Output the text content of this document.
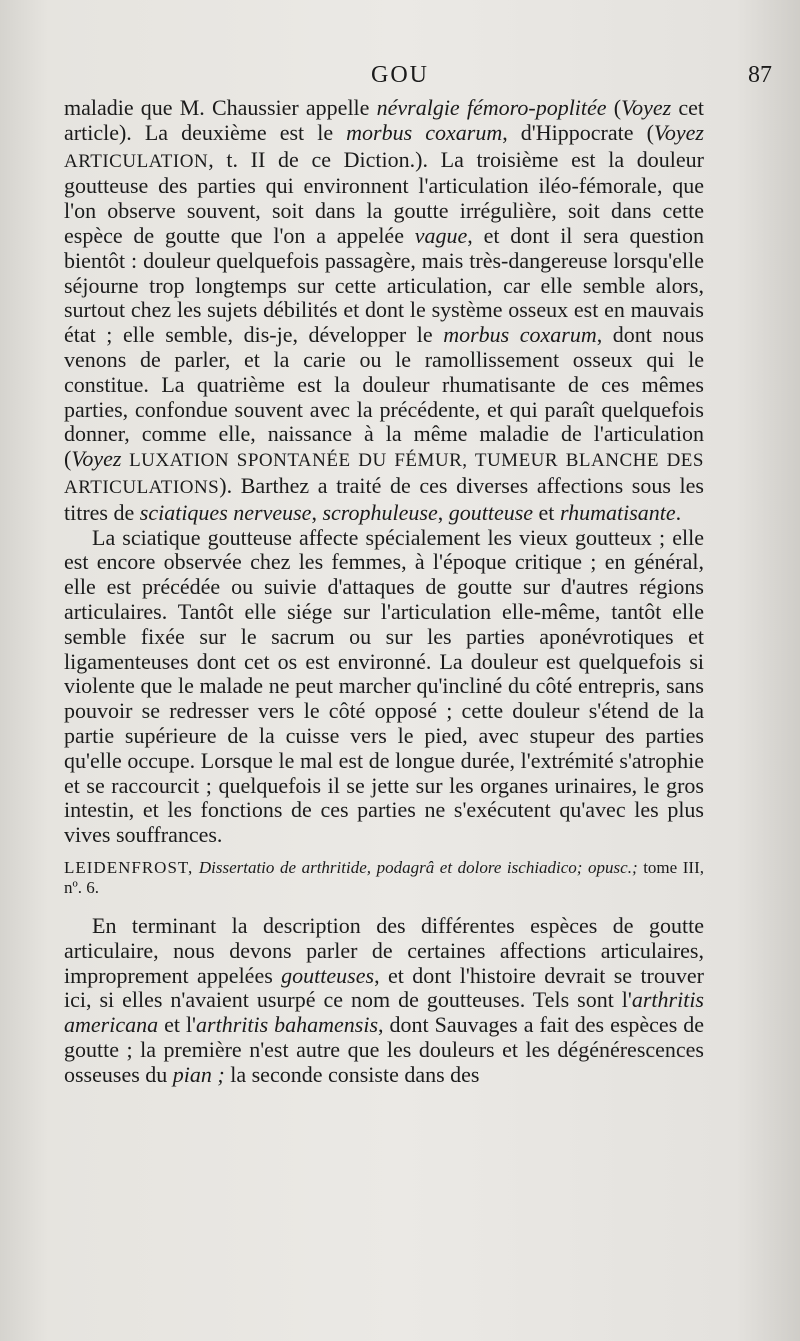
GOU	87

maladie que M. Chaussier appelle névralgie fémoro-poplitée (Voyez cet article). La deuxième est le morbus coxarum, d'Hippocrate (Voyez ARTICULATION, t. II de ce Diction.). La troisième est la douleur goutteuse des parties qui environnent l'articulation iléo-fémorale, que l'on observe souvent, soit dans la goutte irrégulière, soit dans cette espèce de goutte que l'on a appelée vague, et dont il sera question bientôt : douleur quelquefois passagère, mais très-dangereuse lorsqu'elle séjourne trop longtemps sur cette articulation, car elle semble alors, surtout chez les sujets débilités et dont le système osseux est en mauvais état ; elle semble, dis-je, développer le morbus coxarum, dont nous venons de parler, et la carie ou le ramollissement osseux qui le constitue. La quatrième est la douleur rhumatisante de ces mêmes parties, confondue souvent avec la précédente, et qui paraît quelquefois donner, comme elle, naissance à la même maladie de l'articulation (Voyez LUXATION SPONTANÉE DU FÉMUR, TUMEUR BLANCHE DES ARTICULATIONS). Barthez a traité de ces diverses affections sous les titres de sciatiques nerveuse, scrophuleuse, goutteuse et rhumatisante.

La sciatique goutteuse affecte spécialement les vieux goutteux ; elle est encore observée chez les femmes, à l'époque critique ; en général, elle est précédée ou suivie d'attaques de goutte sur d'autres régions articulaires. Tantôt elle siége sur l'articulation elle-même, tantôt elle semble fixée sur le sacrum ou sur les parties aponévrotiques et ligamenteuses dont cet os est environné. La douleur est quelquefois si violente que le malade ne peut marcher qu'incliné du côté entrepris, sans pouvoir se redresser vers le côté opposé ; cette douleur s'étend de la partie supérieure de la cuisse vers le pied, avec stupeur des parties qu'elle occupe. Lorsque le mal est de longue durée, l'extrémité s'atrophie et se raccourcit ; quelquefois il se jette sur les organes urinaires, le gros intestin, et les fonctions de ces parties ne s'exécutent qu'avec les plus vives souffrances.

LEIDENFROST, Dissertatio de arthritide, podagrâ et dolore ischiadico; opusc.; tome III, nº. 6.

En terminant la description des différentes espèces de goutte articulaire, nous devons parler de certaines affections articulaires, improprement appelées goutteuses, et dont l'histoire devrait se trouver ici, si elles n'avaient usurpé ce nom de goutteuses. Tels sont l'arthritis americana et l'arthritis bahamensis, dont Sauvages a fait des espèces de goutte ; la première n'est autre que les douleurs et les dégénérescences osseuses du pian ; la seconde consiste dans des
